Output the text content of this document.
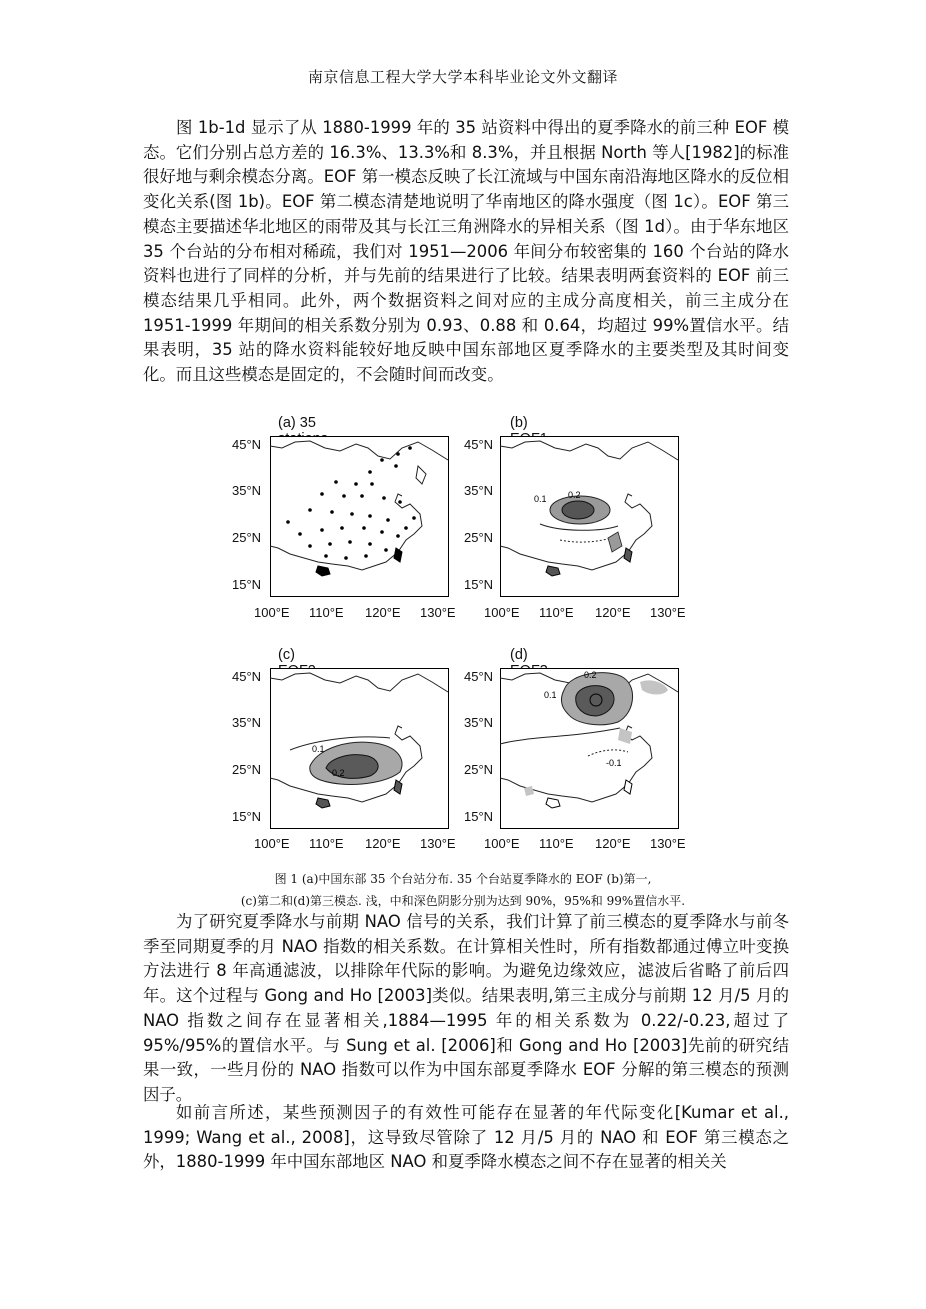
南京信息工程大学大学本科毕业论文外文翻译

图 1b-1d 显示了从 1880-1999 年的 35 站资料中得出的夏季降水的前三种 EOF 模态。它们分别占总方差的 16.3%、13.3%和 8.3%，并且根据 North 等人[1982]的标准很好地与剩余模态分离。EOF 第一模态反映了长江流域与中国东南沿海地区降水的反位相变化关系(图 1b)。EOF 第二模态清楚地说明了华南地区的降水强度（图 1c）。EOF 第三模态主要描述华北地区的雨带及其与长江三角洲降水的异相关系（图 1d）。由于华东地区 35 个台站的分布相对稀疏，我们对 1951—2006 年间分布较密集的 160 个台站的降水资料也进行了同样的分析，并与先前的结果进行了比较。结果表明两套资料的 EOF 前三模态结果几乎相同。此外，两个数据资料之间对应的主成分高度相关，前三主成分在 1951-1999 年期间的相关系数分别为 0.93、0.88 和 0.64，均超过 99%置信水平。结果表明，35 站的降水资料能较好地反映中国东部地区夏季降水的主要类型及其时间变化。而且这些模态是固定的，不会随时间而改变。

(a) 35
45°N
35°N
25°N
15°N
100°E 110°E 120°E 130°E
(b)
0.1 0.2
45°N
35°N
25°N
15°N
100°E 110°E 120°E 130°E
(c)
0.1
0.2
45°N
35°N
25°N
15°N
100°E 110°E 120°E 130°E
(d)
0.2
0.1
-0.1
45°N
35°N
25°N
15°N
100°E 110°E 120°E 130°E
图 1 (a)中国东部 35 个台站分布. 35 个台站夏季降水的 EOF (b)第一,
(c)第二和(d)第三模态. 浅，中和深色阴影分别为达到 90%，95%和 99%置信水平.

为了研究夏季降水与前期 NAO 信号的关系，我们计算了前三模态的夏季降水与前冬季至同期夏季的月 NAO 指数的相关系数。在计算相关性时，所有指数都通过傅立叶变换方法进行 8 年高通滤波，以排除年代际的影响。为避免边缘效应，滤波后省略了前后四年。这个过程与 Gong and Ho [2003]类似。结果表明,第三主成分与前期 12 月/5 月的 NAO 指数之间存在显著相关,1884—1995 年的相关系数为 0.22/-0.23,超过了 95%/95%的置信水平。与 Sung et al. [2006]和 Gong and Ho [2003]先前的研究结果一致，一些月份的 NAO 指数可以作为中国东部夏季降水 EOF 分解的第三模态的预测因子。

如前言所述，某些预测因子的有效性可能存在显著的年代际变化[Kumar et al., 1999; Wang et al., 2008]，这导致尽管除了 12 月/5 月的 NAO 和 EOF 第三模态之外，1880-1999 年中国东部地区 NAO 和夏季降水模态之间不存在显著的相关关
